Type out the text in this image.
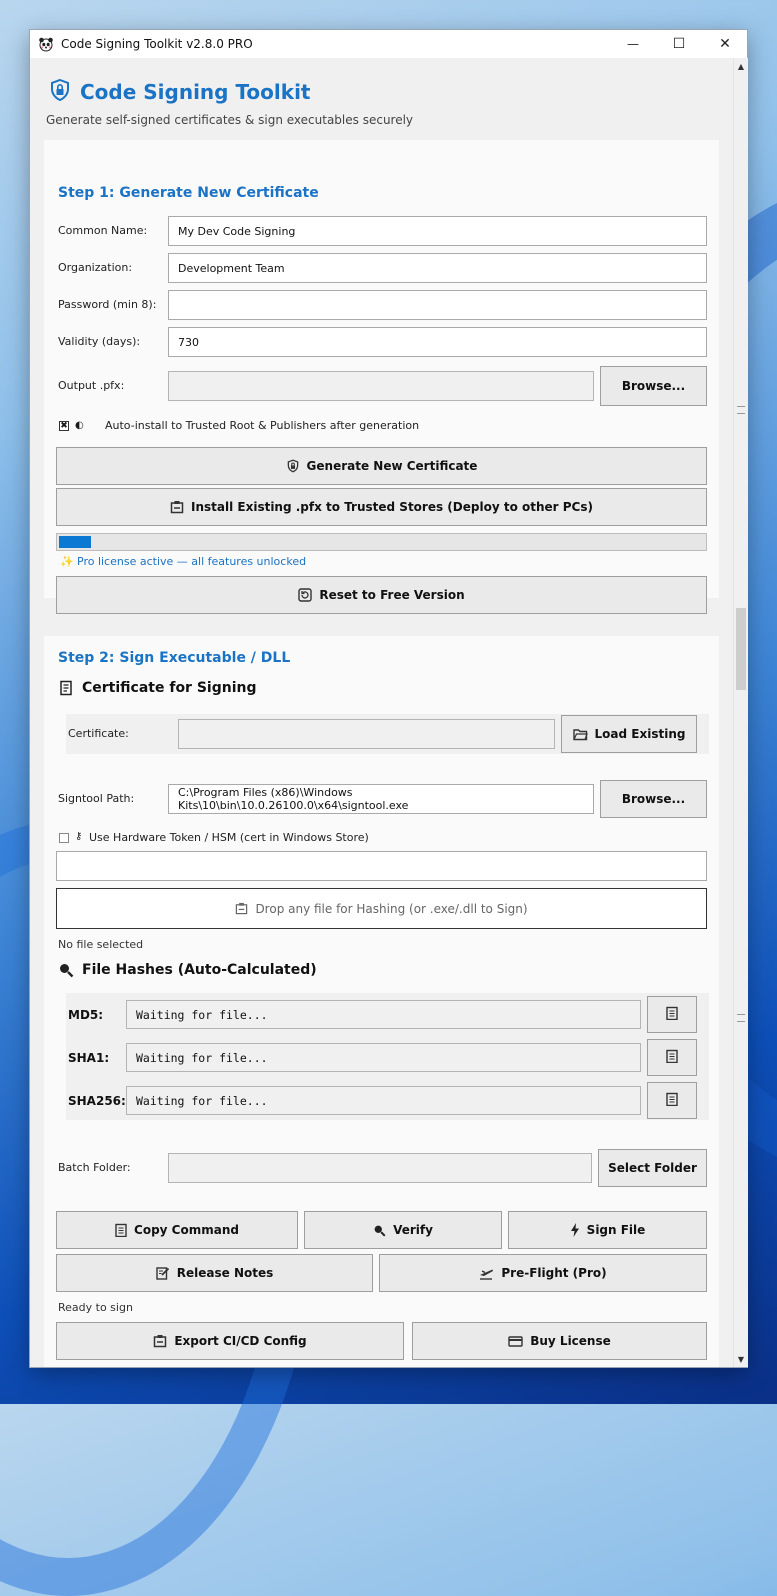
Code Signing Toolkit v2.8.0 PRO	— ☐ ✕
Code Signing Toolkit
Generate self-signed certificates & sign executables securely
Step 1: Generate New Certificate
Common Name:	My Dev Code Signing
Organization:	Development Team
Password (min 8):
Validity (days):	730
Output .pfx:	Browse...
✖ ◐ Auto-install to Trusted Root & Publishers after generation
Generate New Certificate
Install Existing .pfx to Trusted Stores (Deploy to other PCs)
✨ Pro license active — all features unlocked
Reset to Free Version
Step 2: Sign Executable / DLL
Certificate for Signing
Certificate:	Load Existing
Signtool Path:	C:\Program Files (x86)\Windows Kits\10\bin\10.0.26100.0\x64\signtool.exe	Browse...
⚷ Use Hardware Token / HSM (cert in Windows Store)
Drop any file for Hashing (or .exe/.dll to Sign)
No file selected
File Hashes (Auto-Calculated)
MD5:	Waiting for file...
SHA1:	Waiting for file...
SHA256: Waiting for file...
Batch Folder:	Select Folder
Copy Command	Verify	Sign File
Release Notes	Pre-Flight (Pro)
Ready to sign
Export CI/CD Config	Buy License
▲
▼
